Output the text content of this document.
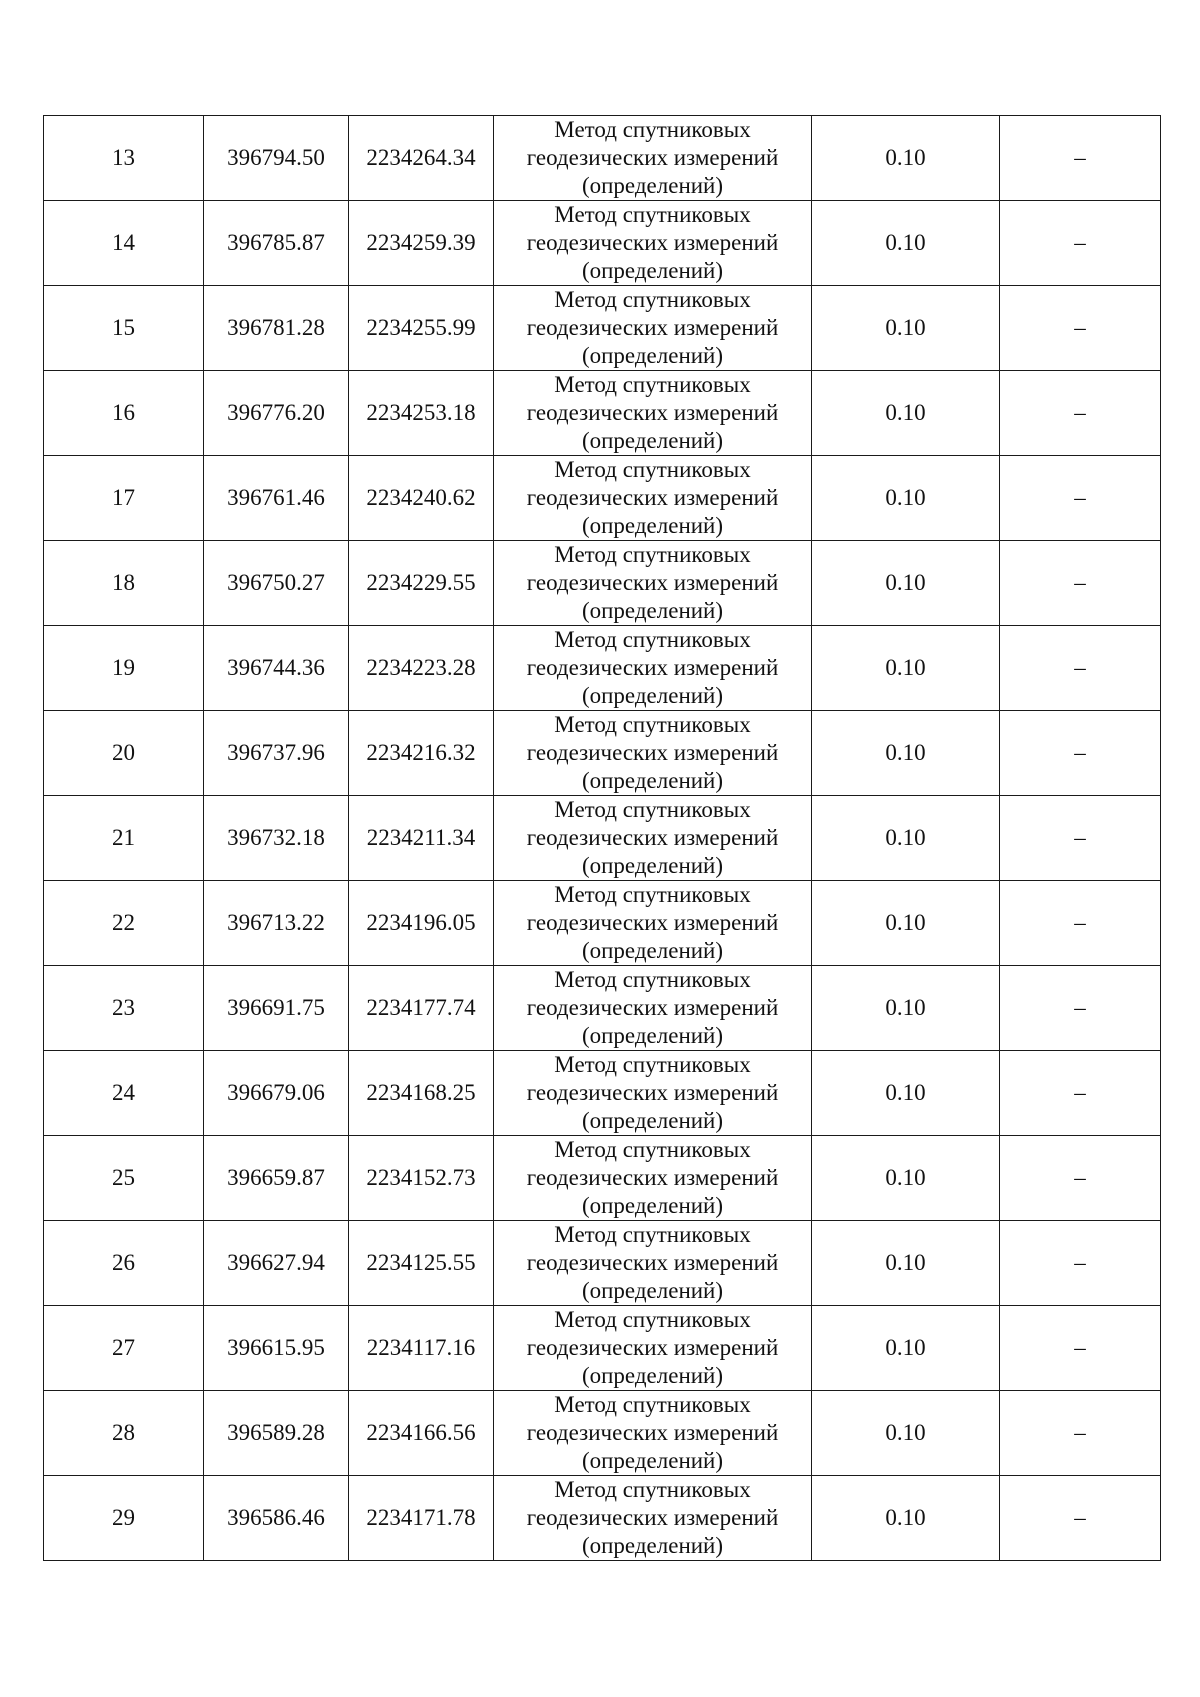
13	396794.50	2234264.34	Метод спутниковых
геодезических измерений
(определений)	0.10	–
14	396785.87	2234259.39	Метод спутниковых
геодезических измерений
(определений)	0.10	–
15	396781.28	2234255.99	Метод спутниковых
геодезических измерений
(определений)	0.10	–
16	396776.20	2234253.18	Метод спутниковых
геодезических измерений
(определений)	0.10	–
17	396761.46	2234240.62	Метод спутниковых
геодезических измерений
(определений)	0.10	–
18	396750.27	2234229.55	Метод спутниковых
геодезических измерений
(определений)	0.10	–
19	396744.36	2234223.28	Метод спутниковых
геодезических измерений
(определений)	0.10	–
20	396737.96	2234216.32	Метод спутниковых
геодезических измерений
(определений)	0.10	–
21	396732.18	2234211.34	Метод спутниковых
геодезических измерений
(определений)	0.10	–
22	396713.22	2234196.05	Метод спутниковых
геодезических измерений
(определений)	0.10	–
23	396691.75	2234177.74	Метод спутниковых
геодезических измерений
(определений)	0.10	–
24	396679.06	2234168.25	Метод спутниковых
геодезических измерений
(определений)	0.10	–
25	396659.87	2234152.73	Метод спутниковых
геодезических измерений
(определений)	0.10	–
26	396627.94	2234125.55	Метод спутниковых
геодезических измерений
(определений)	0.10	–
27	396615.95	2234117.16	Метод спутниковых
геодезических измерений
(определений)	0.10	–
28	396589.28	2234166.56	Метод спутниковых
геодезических измерений
(определений)	0.10	–
29	396586.46	2234171.78	Метод спутниковых
геодезических измерений
(определений)	0.10	–
